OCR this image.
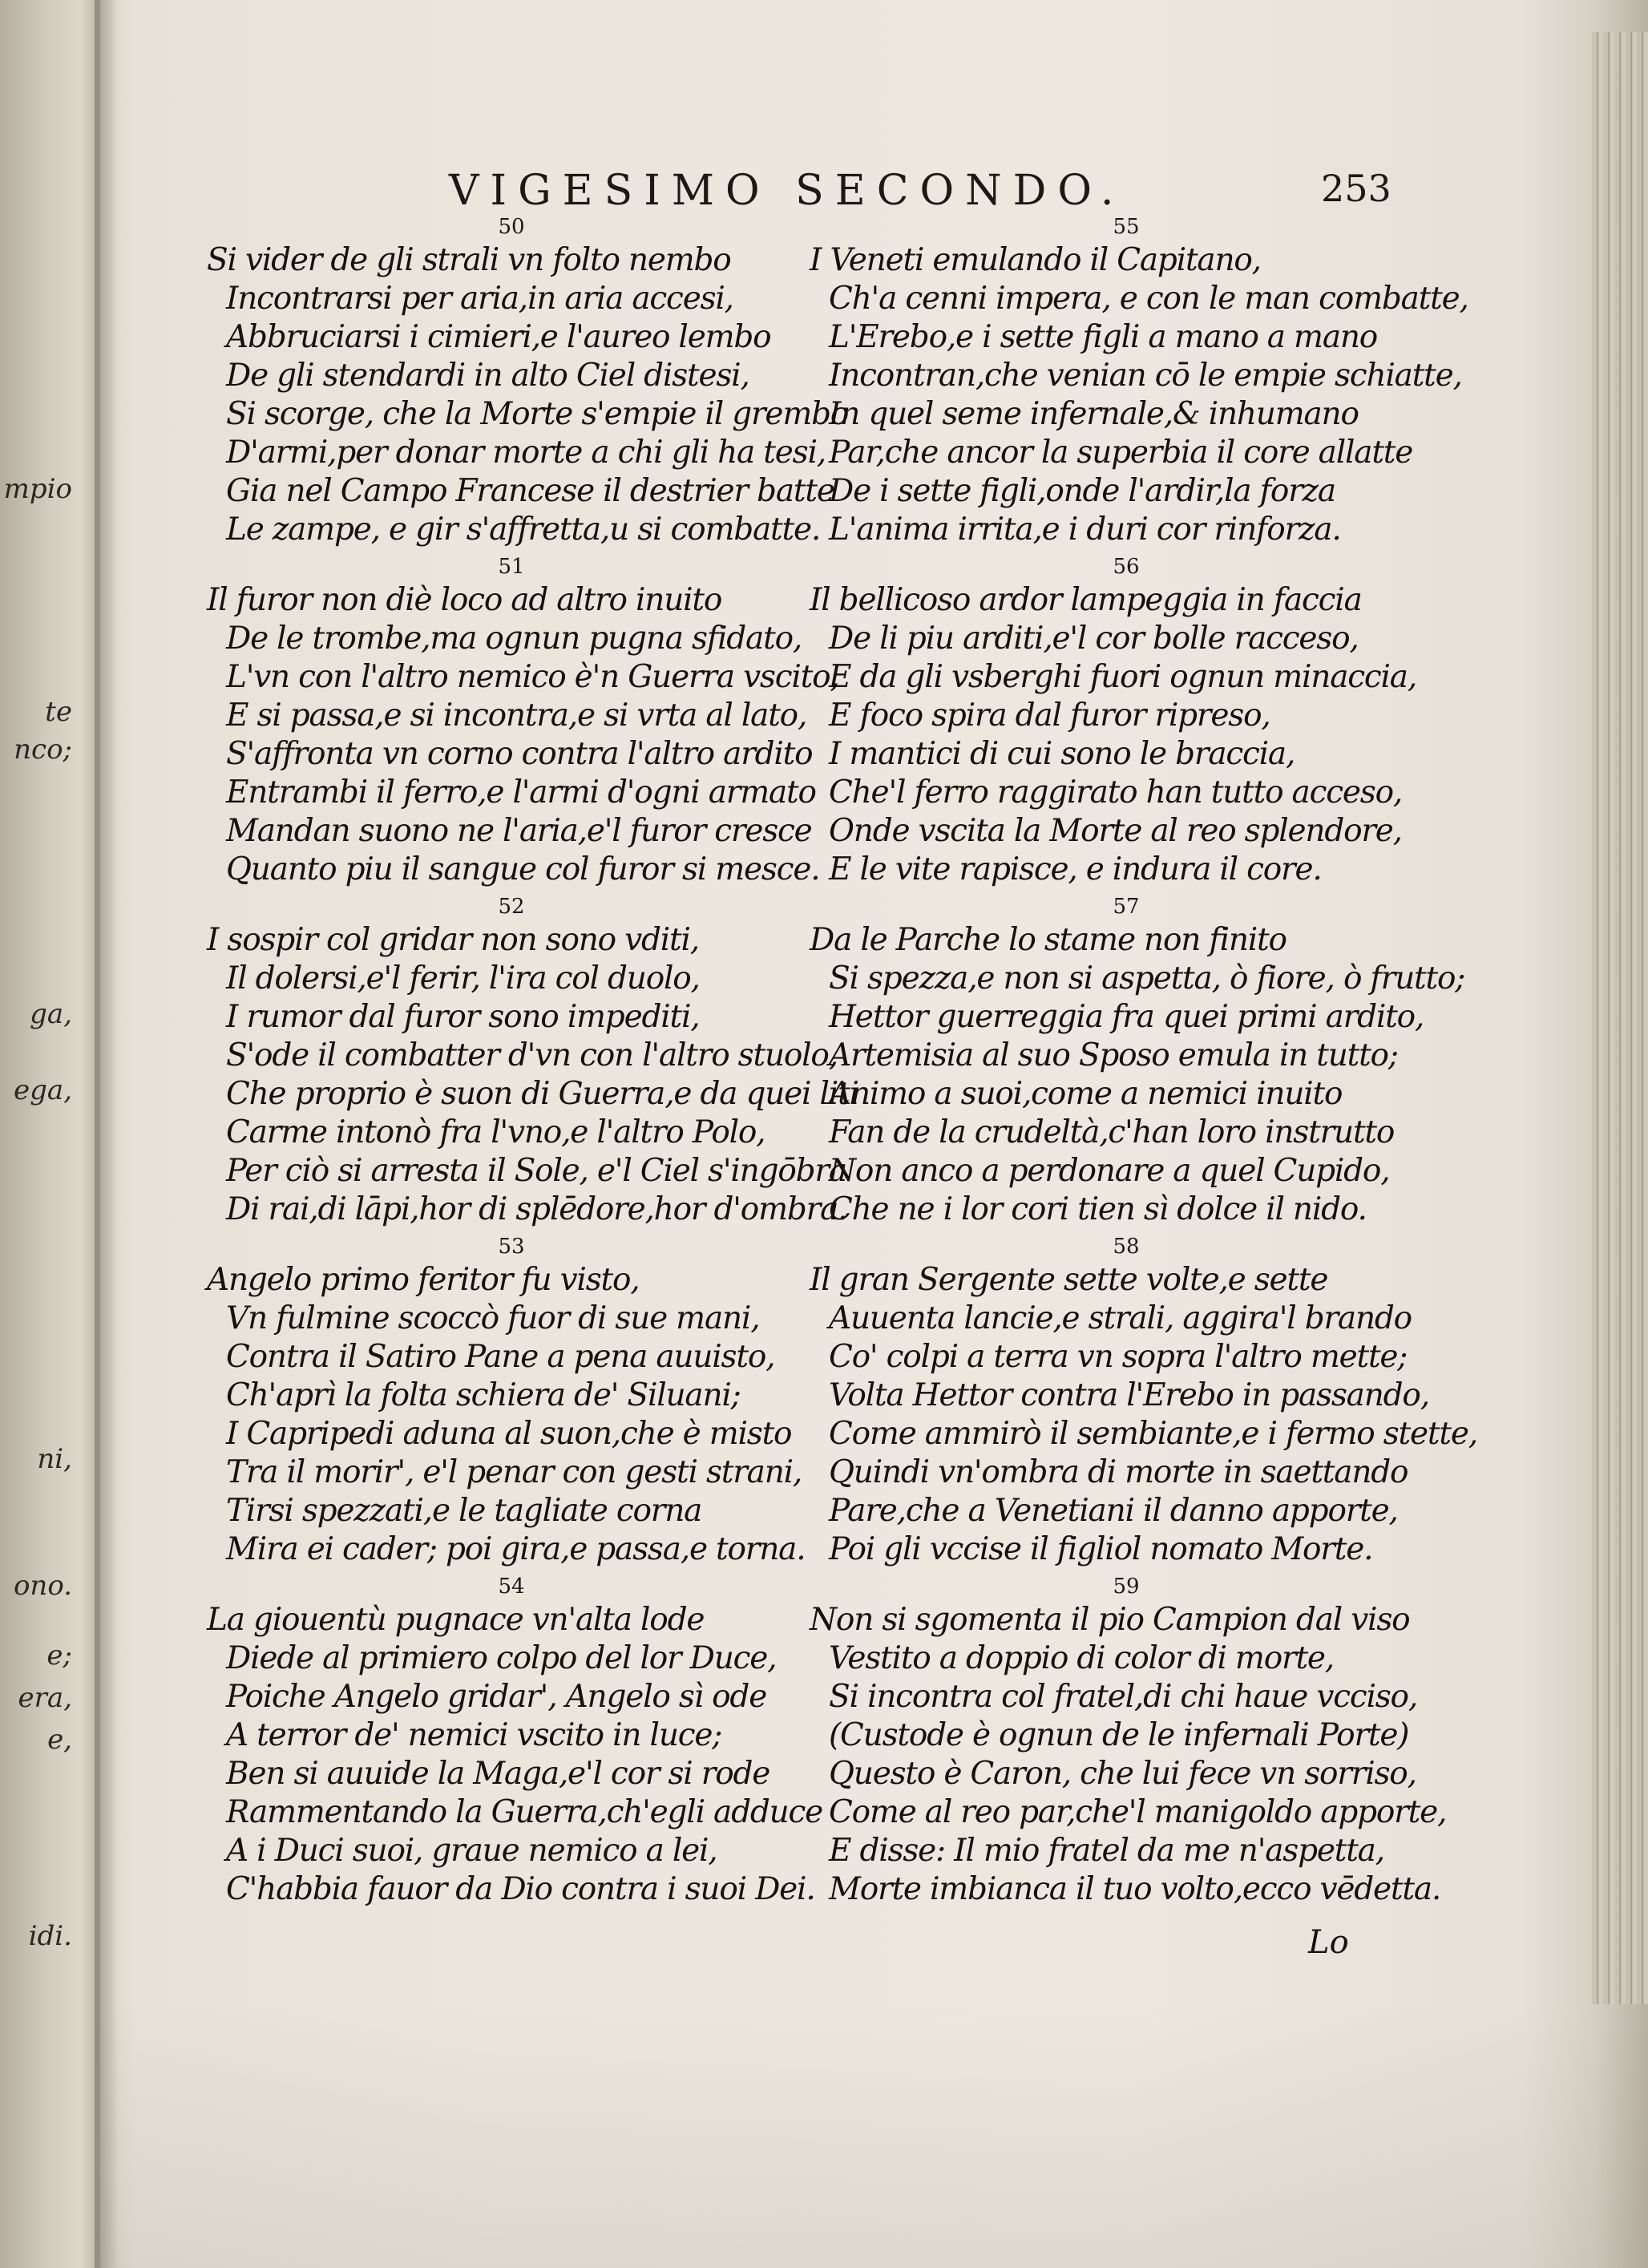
mpio
te
nco;
ga,
ega,
ni,
ono.
e;
era,
e,
idi.
VIGESIMO SECONDO.	253
50
Si vider de gli strali vn folto nembo
Incontrarsi per aria,in aria accesi,
Abbruciarsi i cimieri,e l'aureo lembo
De gli stendardi in alto Ciel distesi,
Si scorge, che la Morte s'empie il grembo
D'armi,per donar morte a chi gli ha tesi,
Gia nel Campo Francese il destrier batte
Le zampe, e gir s'affretta,u si combatte.
51
Il furor non diè loco ad altro inuito
De le trombe,ma ognun pugna sfidato,
L'vn con l'altro nemico è'n Guerra vscito,
E si passa,e si incontra,e si vrta al lato,
S'affronta vn corno contra l'altro ardito
Entrambi il ferro,e l'armi d'ogni armato
Mandan suono ne l'aria,e'l furor cresce
Quanto piu il sangue col furor si mesce.
52
I sospir col gridar non sono vditi,
Il dolersi,e'l ferir, l'ira col duolo,
I rumor dal furor sono impediti,
S'ode il combatter d'vn con l'altro stuolo,
Che proprio è suon di Guerra,e da quei liti
Carme intonò fra l'vno,e l'altro Polo,
Per ciò si arresta il Sole, e'l Ciel s'ingōbra
Di rai,di lāpi,hor di splēdore,hor d'ombra.
53
Angelo primo feritor fu visto,
Vn fulmine scoccò fuor di sue mani,
Contra il Satiro Pane a pena auuisto,
Ch'aprì la folta schiera de' Siluani;
I Capripedi aduna al suon,che è misto
Tra il morir', e'l penar con gesti strani,
Tirsi spezzati,e le tagliate corna
Mira ei cader; poi gira,e passa,e torna.
54
La giouentù pugnace vn'alta lode
Diede al primiero colpo del lor Duce,
Poiche Angelo gridar', Angelo sì ode
A terror de' nemici vscito in luce;
Ben si auuide la Maga,e'l cor si rode
Rammentando la Guerra,ch'egli adduce
A i Duci suoi, graue nemico a lei,
C'habbia fauor da Dio contra i suoi Dei.
55
I Veneti emulando il Capitano,
Ch'a cenni impera, e con le man combatte,
L'Erebo,e i sette figli a mano a mano
Incontran,che venian cō le empie schiatte,
In quel seme infernale,& inhumano
Par,che ancor la superbia il core allatte
De i sette figli,onde l'ardir,la forza
L'anima irrita,e i duri cor rinforza.
56
Il bellicoso ardor lampeggia in faccia
De li piu arditi,e'l cor bolle racceso,
E da gli vsberghi fuori ognun minaccia,
E foco spira dal furor ripreso,
I mantici di cui sono le braccia,
Che'l ferro raggirato han tutto acceso,
Onde vscita la Morte al reo splendore,
E le vite rapisce, e indura il core.
57
Da le Parche lo stame non finito
Si spezza,e non si aspetta, ò fiore, ò frutto;
Hettor guerreggia fra quei primi ardito,
Artemisia al suo Sposo emula in tutto;
Animo a suoi,come a nemici inuito
Fan de la crudeltà,c'han loro instrutto
Non anco a perdonare a quel Cupido,
Che ne i lor cori tien sì dolce il nido.
58
Il gran Sergente sette volte,e sette
Auuenta lancie,e strali, aggira'l brando
Co' colpi a terra vn sopra l'altro mette;
Volta Hettor contra l'Erebo in passando,
Come ammirò il sembiante,e i fermo stette,
Quindi vn'ombra di morte in saettando
Pare,che a Venetiani il danno apporte,
Poi gli vccise il figliol nomato Morte.
59
Non si sgomenta il pio Campion dal viso
Vestito a doppio di color di morte,
Si incontra col fratel,di chi haue vcciso,
(Custode è ognun de le infernali Porte)
Questo è Caron, che lui fece vn sorriso,
Come al reo par,che'l manigoldo apporte,
E disse: Il mio fratel da me n'aspetta,
Morte imbianca il tuo volto,ecco vēdetta.
Lo
